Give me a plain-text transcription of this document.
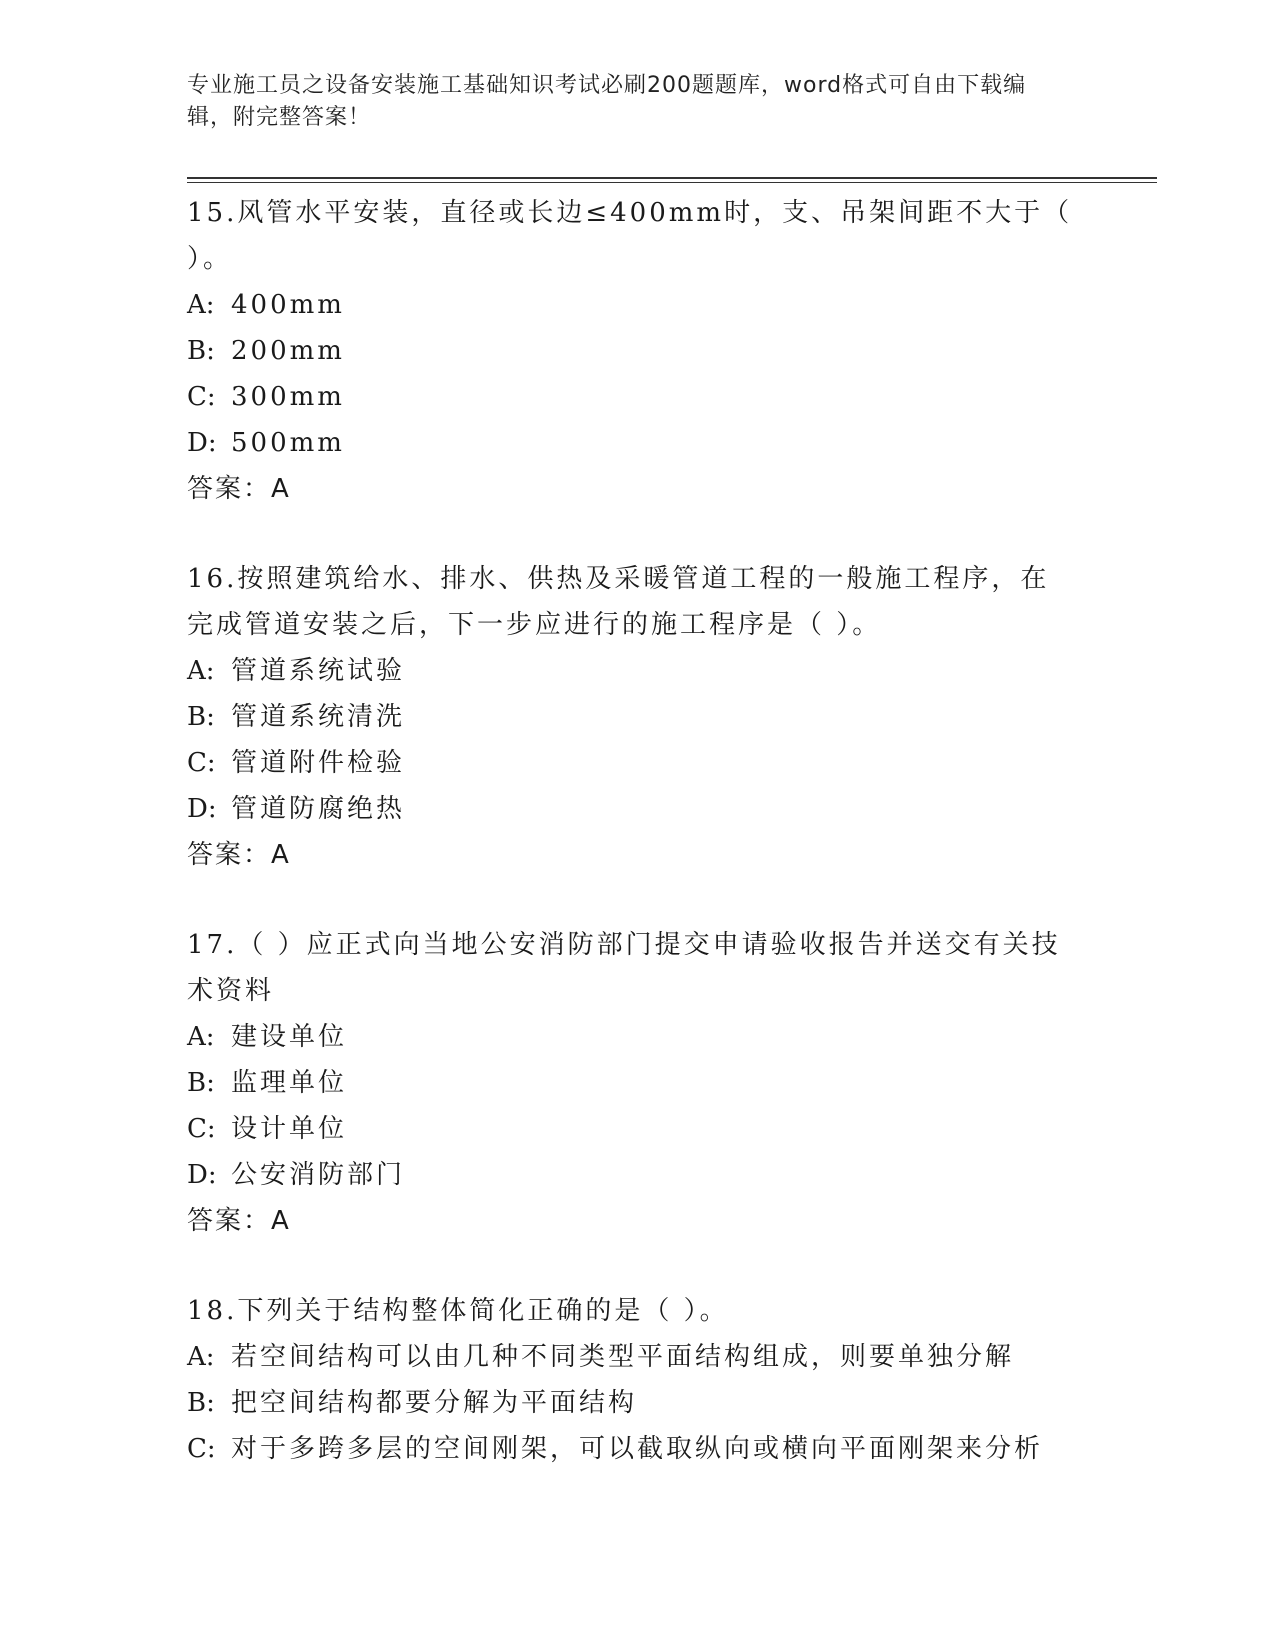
专业施工员之设备安装施工基础知识考试必刷200题题库，word格式可自由下载编辑，附完整答案！
15.风管水平安装，直径或长边≤400mm时，支、吊架间距不大于（ ）。
A: 400mm
B: 200mm
C: 300mm
D: 500mm
答案：A
16.按照建筑给水、排水、供热及采暖管道工程的一般施工程序，在完成管道安装之后，下一步应进行的施工程序是（ ）。
A: 管道系统试验
B: 管道系统清洗
C: 管道附件检验
D: 管道防腐绝热
答案：A
17.（ ）应正式向当地公安消防部门提交申请验收报告并送交有关技术资料
A: 建设单位
B: 监理单位
C: 设计单位
D: 公安消防部门
答案：A
18.下列关于结构整体简化正确的是（ ）。
A: 若空间结构可以由几种不同类型平面结构组成，则要单独分解
B: 把空间结构都要分解为平面结构
C: 对于多跨多层的空间刚架，可以截取纵向或横向平面刚架来分析
